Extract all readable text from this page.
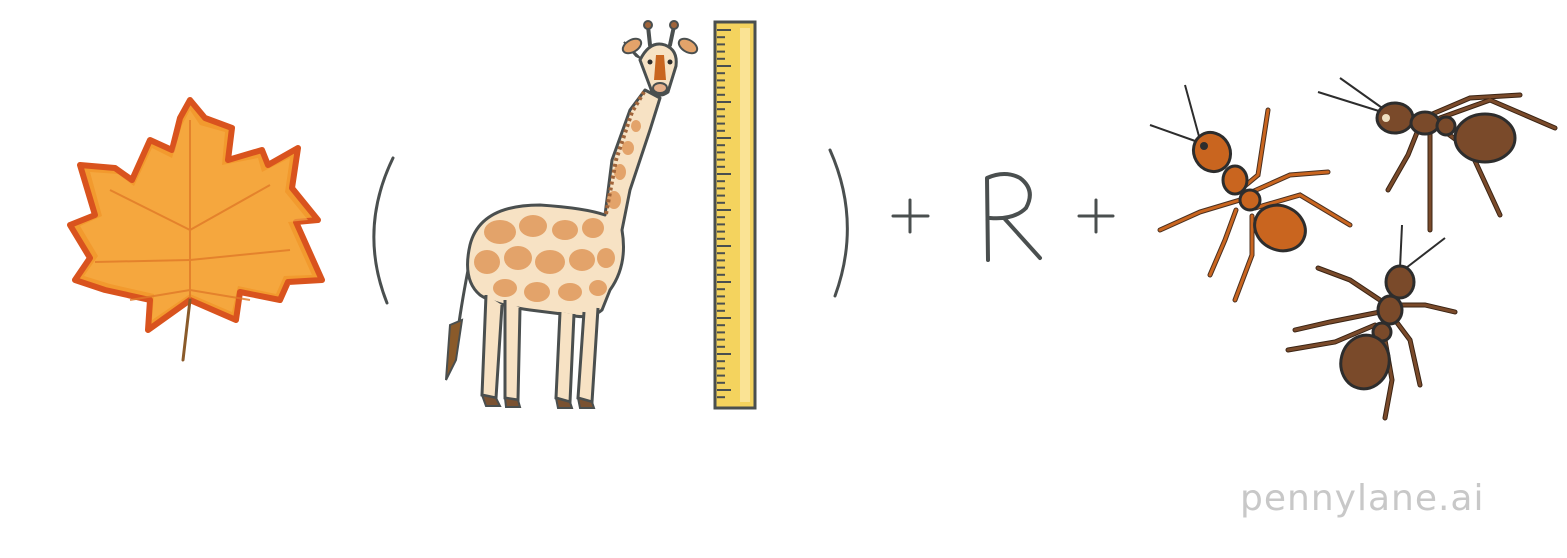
pennylane.ai
